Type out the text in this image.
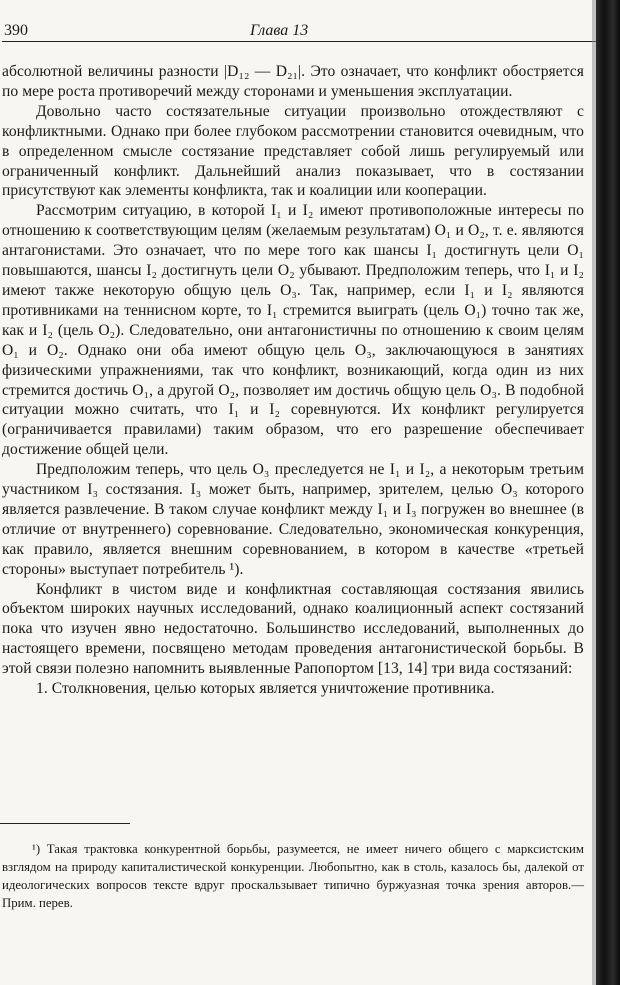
390	Глава 13

абсолютной величины разности |D₁₂ — D₂₁|. Это означает, что конфликт обостряется по мере роста противоречий между сторонами и уменьшения эксплуатации.

Довольно часто состязательные ситуации произвольно отождествляют с конфликтными. Однако при более глубоком рассмотрении становится очевидным, что в определенном смысле состязание представляет собой лишь регулируемый или ограниченный конфликт. Дальнейший анализ показывает, что в состязании присутствуют как элементы конфликта, так и коалиции или кооперации.

Рассмотрим ситуацию, в которой I₁ и I₂ имеют противоположные интересы по отношению к соответствующим целям (желаемым результатам) O₁ и O₂, т. е. являются антагонистами. Это означает, что по мере того как шансы I₁ достигнуть цели O₁ повышаются, шансы I₂ достигнуть цели O₂ убывают. Предположим теперь, что I₁ и I₂ имеют также некоторую общую цель O₃. Так, например, если I₁ и I₂ являются противниками на теннисном корте, то I₁ стремится выиграть (цель O₁) точно так же, как и I₂ (цель O₂). Следовательно, они антагонистичны по отношению к своим целям O₁ и O₂. Однако они оба имеют общую цель O₃, заключающуюся в занятиях физическими упражнениями, так что конфликт, возникающий, когда один из них стремится достичь O₁, а другой O₂, позволяет им достичь общую цель O₃. В подобной ситуации можно считать, что I₁ и I₂ соревнуются. Их конфликт регулируется (ограничивается правилами) таким образом, что его разрешение обеспечивает достижение общей цели.

Предположим теперь, что цель O₃ преследуется не I₁ и I₂, а некоторым третьим участником I₃ состязания. I₃ может быть, например, зрителем, целью O₃ которого является развлечение. В таком случае конфликт между I₁ и I₃ погружен во внешнее (в отличие от внутреннего) соревнование. Следовательно, экономическая конкуренция, как правило, является внешним соревнованием, в котором в качестве «третьей стороны» выступает потребитель ¹).

Конфликт в чистом виде и конфликтная составляющая состязания явились объектом широких научных исследований, однако коалиционный аспект состязаний пока что изучен явно недостаточно. Большинство исследований, выполненных до настоящего времени, посвящено методам проведения антагонистической борьбы. В этой связи полезно напомнить выявленные Рапопортом [13, 14] три вида состязаний:

1. Столкновения, целью которых является уничтожение противника.

¹) Такая трактовка конкурентной борьбы, разумеется, не имеет ничего общего с марксистским взглядом на природу капиталистической конкуренции. Любопытно, как в столь, казалось бы, далекой от идеологических вопросов тексте вдруг проскальзывает типично буржуазная точка зрения авторов.— Прим. перев.
